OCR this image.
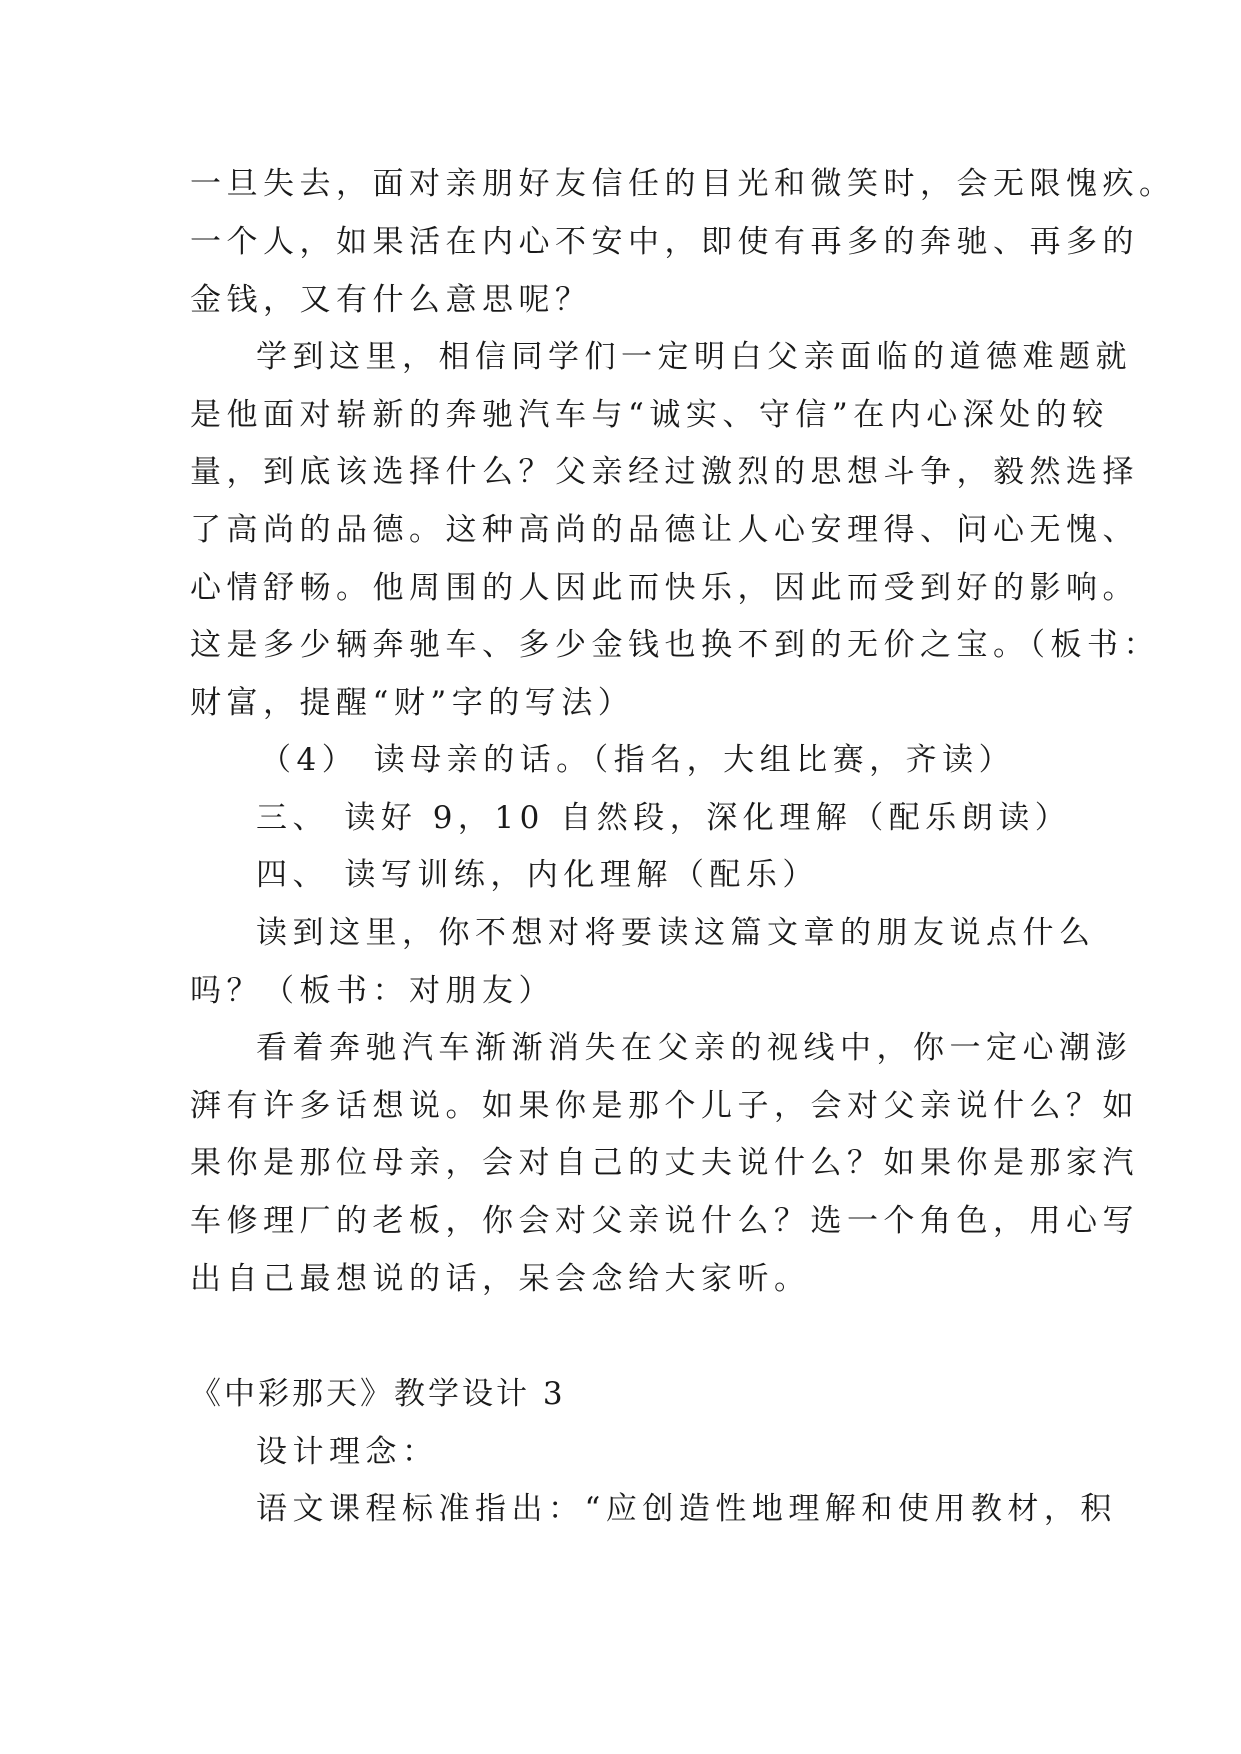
一旦失去，面对亲朋好友信任的目光和微笑时，会无限愧疚。
一个人，如果活在内心不安中，即使有再多的奔驰、再多的
金钱，又有什么意思呢？
学到这里，相信同学们一定明白父亲面临的道德难题就
是他面对崭新的奔驰汽车与“诚实、守信”在内心深处的较
量，到底该选择什么？父亲经过激烈的思想斗争，毅然选择
了高尚的品德。这种高尚的品德让人心安理得、问心无愧、
心情舒畅。他周围的人因此而快乐，因此而受到好的影响。
这是多少辆奔驰车、多少金钱也换不到的无价之宝。（板书：
财富，提醒“财”字的写法）
（4） 读母亲的话。（指名，大组比赛，齐读）
三、 读好 9，10 自然段，深化理解（配乐朗读）
四、 读写训练，内化理解（配乐）
读到这里，你不想对将要读这篇文章的朋友说点什么
吗？（板书：对朋友）
看着奔驰汽车渐渐消失在父亲的视线中，你一定心潮澎
湃有许多话想说。如果你是那个儿子，会对父亲说什么？如
果你是那位母亲，会对自己的丈夫说什么？如果你是那家汽
车修理厂的老板，你会对父亲说什么？选一个角色，用心写
出自己最想说的话，呆会念给大家听。
《中彩那天》教学设计 3
设计理念：
语文课程标准指出：“应创造性地理解和使用教材，积
